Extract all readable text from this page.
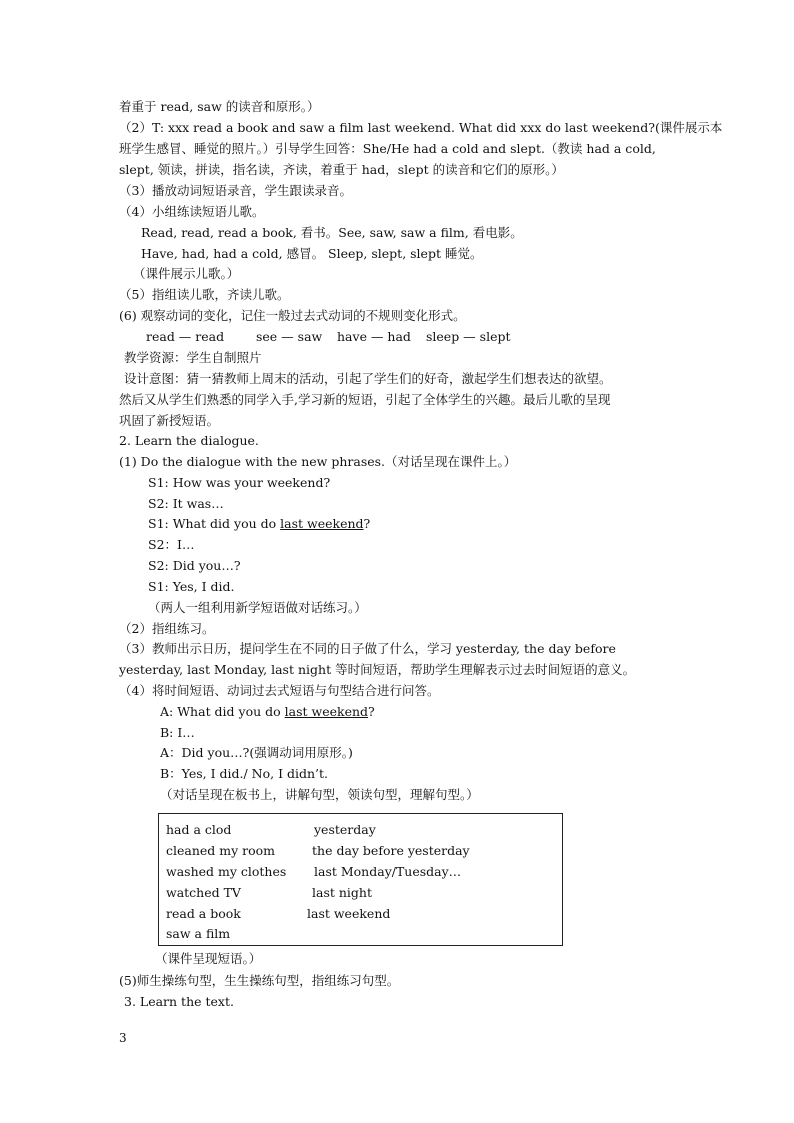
着重于 read, saw 的读音和原形。）
（2）T: xxx read a book and saw a film last weekend. What did xxx do last weekend?(课件展示本
班学生感冒、睡觉的照片。）引导学生回答：She/He had a cold and slept.（教读 had a cold,
slept, 领读，拼读，指名读，齐读，着重于 had，slept 的读音和它们的原形。）
（3）播放动词短语录音，学生跟读录音。
（4）小组练读短语儿歌。
Read, read, read a book, 看书。See, saw, saw a film, 看电影。
Have, had, had a cold, 感冒。 Sleep, slept, slept 睡觉。
（课件展示儿歌。）
（5）指组读儿歌，齐读儿歌。
(6) 观察动词的变化，记住一般过去式动词的不规则变化形式。
read — read	see — saw have — had sleep — slept
教学资源：学生自制照片
设计意图：猜一猜教师上周末的活动，引起了学生们的好奇，激起学生们想表达的欲望。
然后又从学生们熟悉的同学入手,学习新的短语，引起了全体学生的兴趣。最后儿歌的呈现
巩固了新授短语。
2. Learn the dialogue.
(1) Do the dialogue with the new phrases.（对话呈现在课件上。）
S1: How was your weekend?
S2: It was…
S1: What did you do last weekend?
S2：I…
S2: Did you…?
S1: Yes, I did.
（两人一组利用新学短语做对话练习。）
（2）指组练习。
（3）教师出示日历，提问学生在不同的日子做了什么，学习 yesterday, the day before
yesterday, last Monday, last night 等时间短语，帮助学生理解表示过去时间短语的意义。
（4）将时间短语、动词过去式短语与句型结合进行问答。
A: What did you do last weekend?
B: I…
A：Did you…?(强调动词用原形。)
B：Yes, I did./ No, I didn’t.
（对话呈现在板书上，讲解句型，领读句型，理解句型。）
had a clod
cleaned my room
washed my clothes
watched TV
read a book
saw a film
yesterday
the day before yesterday
last Monday/Tuesday…
last night
last weekend
（课件呈现短语。）
(5)师生操练句型，生生操练句型，指组练习句型。
3. Learn the text.
3
